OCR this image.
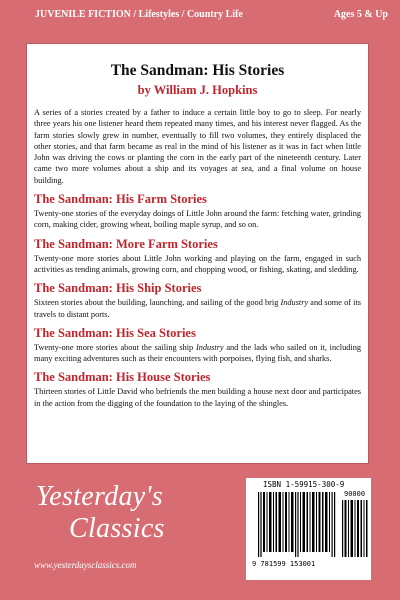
JUVENILE FICTION / Lifestyles / Country Life	Ages 5 & Up
The Sandman: His Stories
by William J. Hopkins
A series of a stories created by a father to induce a certain little boy to go to sleep. For nearly three years his one listener heard them repeated many times, and his interest never flagged. As the farm stories slowly grew in number, eventually to fill two volumes, they entirely displaced the other stories, and that farm became as real in the mind of his listener as it was in fact when little John was driving the cows or planting the corn in the early part of the nineteenth century. Later came two more volumes about a ship and its voyages at sea, and a final volume on house building.
The Sandman: His Farm Stories
Twenty-one stories of the everyday doings of Little John around the farm: fetching water, grinding corn, making cider, growing wheat, boiling maple syrup, and so on.
The Sandman: More Farm Stories
Twenty-one more stories about Little John working and playing on the farm, engaged in such activities as tending animals, growing corn, and chopping wood, or fishing, skating, and sledding.
The Sandman: His Ship Stories
Sixteen stories about the building, launching, and sailing of the good brig Industry and some of its travels to distant ports.
The Sandman: His Sea Stories
Twenty-one more stories about the sailing ship Industry and the lads who sailed on it, including many exciting adventures such as their encounters with porpoises, flying fish, and sharks.
The Sandman: His House Stories
Thirteen stories of Little David who befriends the men building a house next door and participates in the action from the digging of the foundation to the laying of the shingles.
Yesterday's
Classics
www.yesterdaysclassics.com
ISBN 1-59915-300-9
90000
9 781599 153001
